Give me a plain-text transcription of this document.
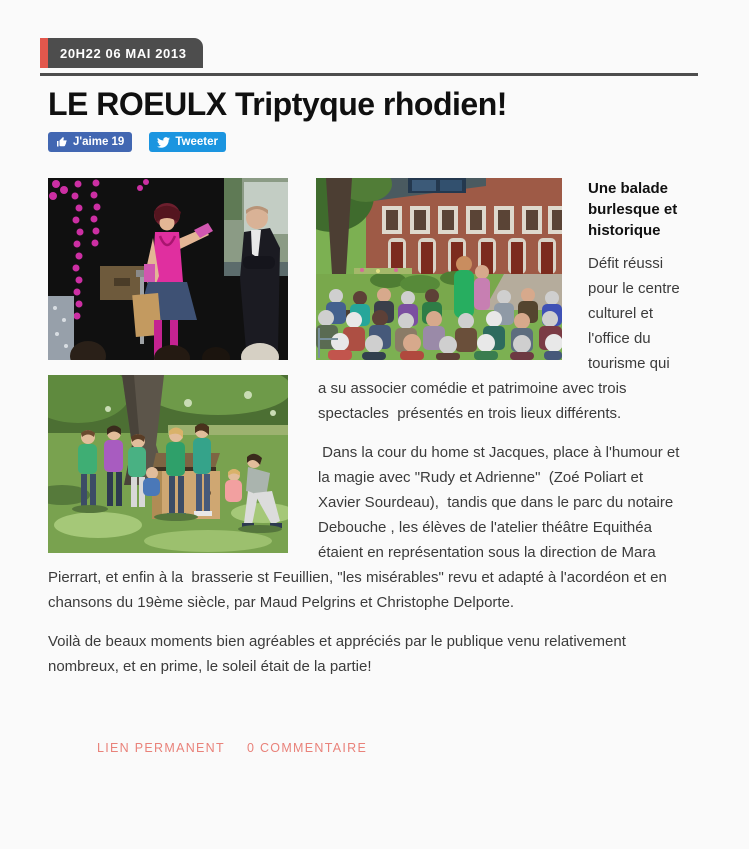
20H22 06 MAI 2013
LE ROEULX Triptyque rhodien!
J'aime 19	Tweeter
Une balade burlesque et historique

Défit réussi pour le centre culturel et l'office du tourisme qui a su associer comédie et patrimoine avec trois spectacles  présentés en trois lieux différents.

Dans la cour du home st Jacques, place à l'humour et  la magie avec "Rudy et Adrienne"  (Zoé Poliart et Xavier Sourdeau),  tandis que dans le parc du notaire Debouche , les élèves de l'atelier théâtre Equithéa étaient en représentation sous la direction de Mara Pierrart, et enfin à la  brasserie st Feuillien, "les misérables" revu et adapté à l'acordéon et en chansons du 19ème siècle, par Maud Pelgrins et Christophe Delporte.

Voilà de beaux moments bien agréables et appréciés par le publique venu relativement nombreux, et en prime, le soleil était de la partie!

LIEN PERMANENT 0 COMMENTAIRE
